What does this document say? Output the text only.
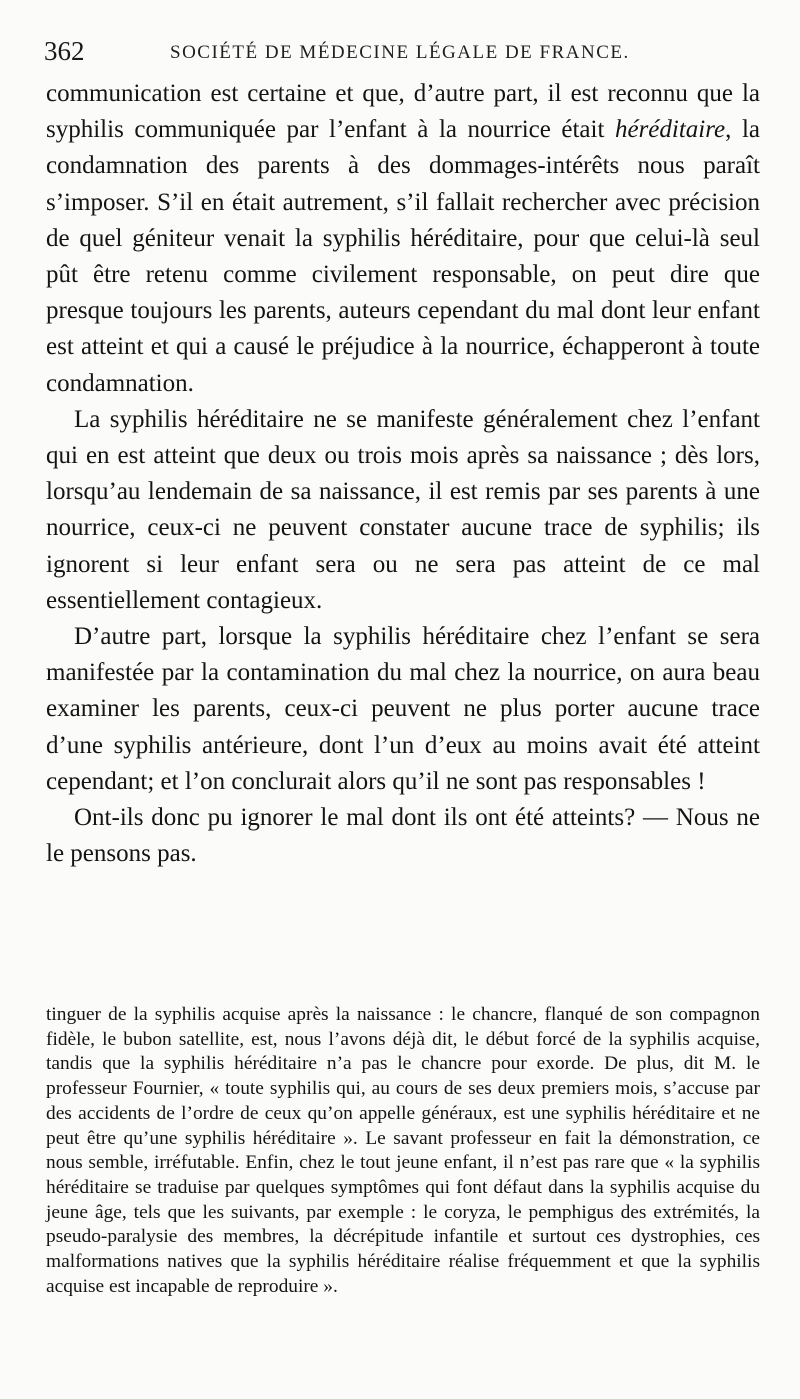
362	SOCIÉTÉ DE MÉDECINE LÉGALE DE FRANCE.

communication est certaine et que, d’autre part, il est reconnu que la syphilis communiquée par l’enfant à la nourrice était héréditaire, la condamnation des parents à des dommages-intérêts nous paraît s’imposer. S’il en était autrement, s’il fallait rechercher avec précision de quel géniteur venait la syphilis héréditaire, pour que celui-là seul pût être retenu comme civilement responsable, on peut dire que presque toujours les parents, auteurs cependant du mal dont leur enfant est atteint et qui a causé le préjudice à la nourrice, échapperont à toute condamnation.

La syphilis héréditaire ne se manifeste généralement chez l’enfant qui en est atteint que deux ou trois mois après sa naissance ; dès lors, lorsqu’au lendemain de sa naissance, il est remis par ses parents à une nourrice, ceux-ci ne peuvent constater aucune trace de syphilis; ils ignorent si leur enfant sera ou ne sera pas atteint de ce mal essentiellement contagieux.

D’autre part, lorsque la syphilis héréditaire chez l’enfant se sera manifestée par la contamination du mal chez la nourrice, on aura beau examiner les parents, ceux-ci peuvent ne plus porter aucune trace d’une syphilis antérieure, dont l’un d’eux au moins avait été atteint cependant; et l’on conclurait alors qu’il ne sont pas responsables !

Ont-ils donc pu ignorer le mal dont ils ont été atteints? — Nous ne le pensons pas.

tinguer de la syphilis acquise après la naissance : le chancre, flanqué de son compagnon fidèle, le bubon satellite, est, nous l’avons déjà dit, le début forcé de la syphilis acquise, tandis que la syphilis héréditaire n’a pas le chancre pour exorde. De plus, dit M. le professeur Fournier, « toute syphilis qui, au cours de ses deux premiers mois, s’accuse par des accidents de l’ordre de ceux qu’on appelle généraux, est une syphilis héréditaire et ne peut être qu’une syphilis héréditaire ». Le savant professeur en fait la démonstration, ce nous semble, irréfutable. Enfin, chez le tout jeune enfant, il n’est pas rare que « la syphilis héréditaire se traduise par quelques symptômes qui font défaut dans la syphilis acquise du jeune âge, tels que les suivants, par exemple : le coryza, le pemphigus des extrémités, la pseudo-paralysie des membres, la décrépitude infantile et surtout ces dystrophies, ces malformations natives que la syphilis héréditaire réalise fréquemment et que la syphilis acquise est incapable de reproduire ».
